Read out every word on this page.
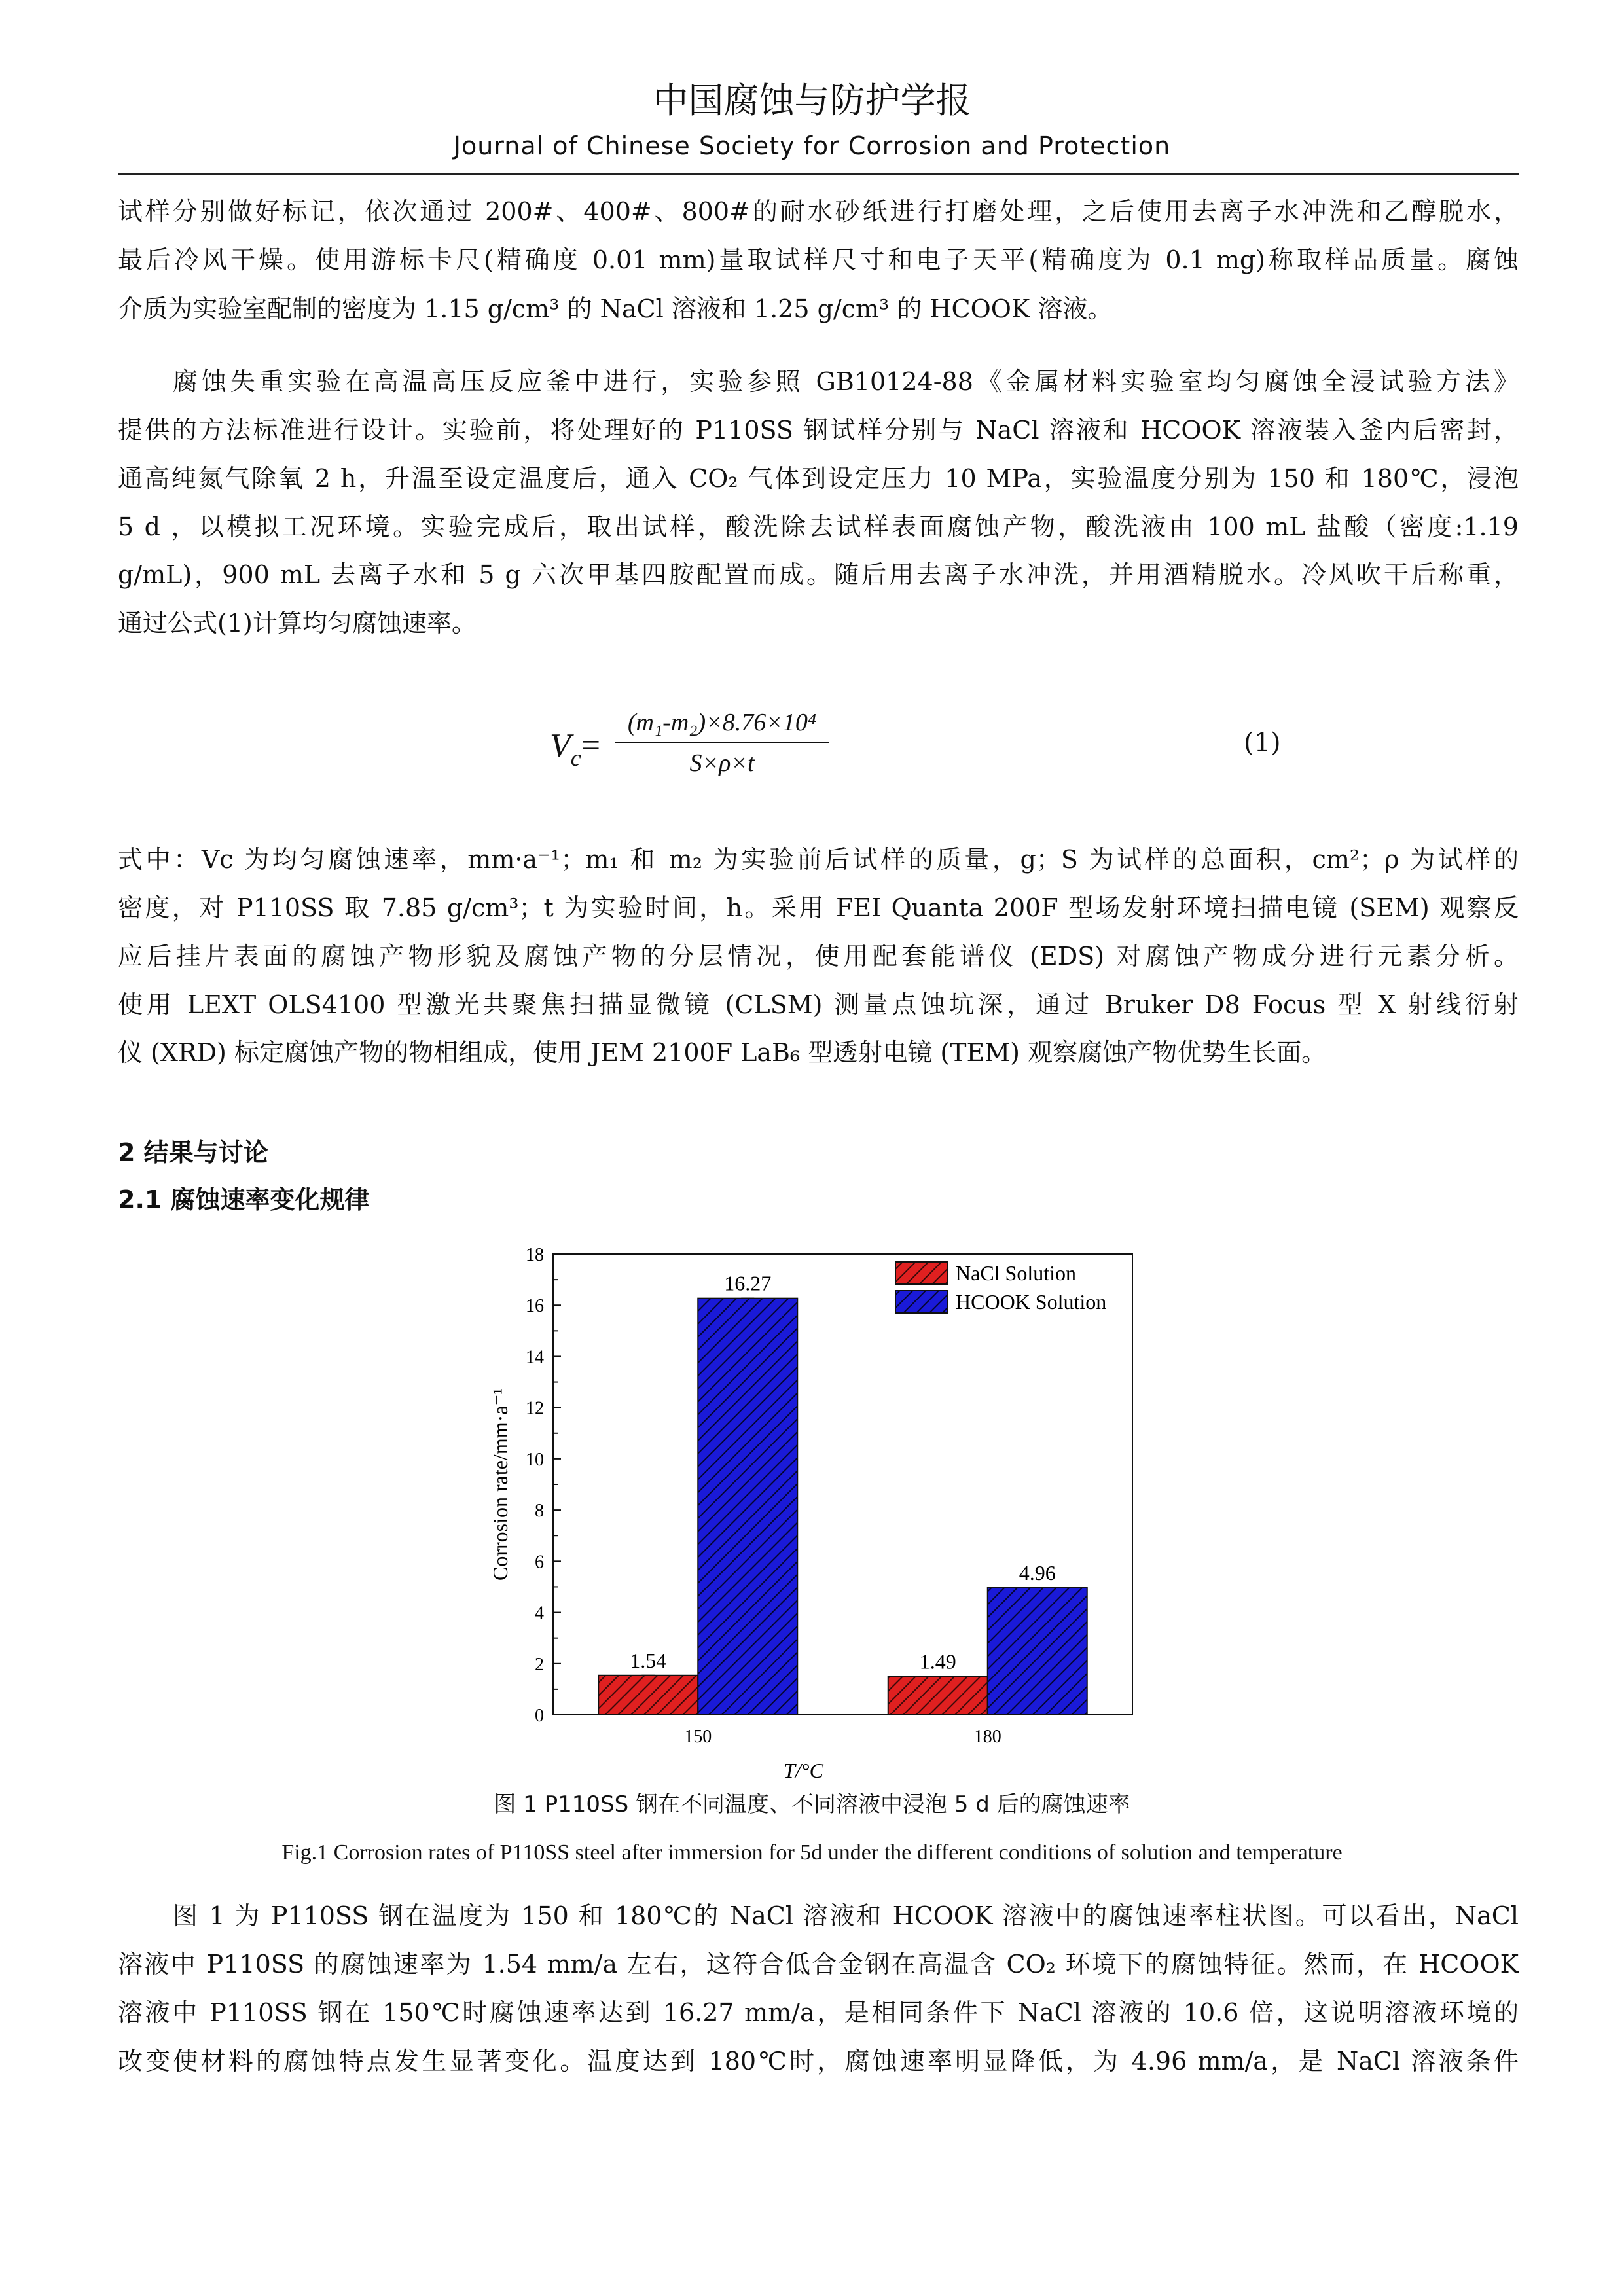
中国腐蚀与防护学报
Journal of Chinese Society for Corrosion and Protection
试样分别做好标记，依次通过 200#、400#、800#的耐水砂纸进行打磨处理，之后使用去离子水冲洗和乙醇脱水，
最后冷风干燥。使用游标卡尺(精确度 0.01 mm)量取试样尺寸和电子天平(精确度为 0.1 mg)称取样品质量。腐蚀
介质为实验室配制的密度为 1.15 g/cm³ 的 NaCl 溶液和 1.25 g/cm³ 的 HCOOK 溶液。
腐蚀失重实验在高温高压反应釜中进行，实验参照 GB10124-88《金属材料实验室均匀腐蚀全浸试验方法》
提供的方法标准进行设计。实验前，将处理好的 P110SS 钢试样分别与 NaCl 溶液和 HCOOK 溶液装入釜内后密封，
通高纯氮气除氧 2 h，升温至设定温度后，通入 CO₂ 气体到设定压力 10 MPa，实验温度分别为 150 和 180℃，浸泡
5 d ，以模拟工况环境。实验完成后，取出试样，酸洗除去试样表面腐蚀产物，酸洗液由 100 mL 盐酸（密度:1.19
g/mL)，900 mL 去离子水和 5 g 六次甲基四胺配置而成。随后用去离子水冲洗，并用酒精脱水。冷风吹干后称重，
通过公式(1)计算均匀腐蚀速率。
$V_c=$
(m₁-m₂)×8.76×10⁴
S×ρ×t
(1)
式中：Vc 为均匀腐蚀速率，mm·a⁻¹；m₁ 和 m₂ 为实验前后试样的质量，g；S 为试样的总面积，cm²；ρ 为试样的
密度，对 P110SS 取 7.85 g/cm³；t 为实验时间，h。采用 FEI Quanta 200F 型场发射环境扫描电镜 (SEM) 观察反
应后挂片表面的腐蚀产物形貌及腐蚀产物的分层情况，使用配套能谱仪 (EDS) 对腐蚀产物成分进行元素分析。
使用 LEXT OLS4100 型激光共聚焦扫描显微镜 (CLSM) 测量点蚀坑深，通过 Bruker D8 Focus 型 X 射线衍射
仪 (XRD) 标定腐蚀产物的物相组成，使用 JEM 2100F LaB₆ 型透射电镜 (TEM) 观察腐蚀产物优势生长面。
2 结果与讨论
2.1 腐蚀速率变化规律
0
2
4
6
8
10
12
14
16
18
Corrosion rate/mm·a⁻¹
1.54	1.49
16.27
4.96
150	180
T/°C
NaCl Solution
HCOOK Solution
图 1 P110SS 钢在不同温度、不同溶液中浸泡 5 d 后的腐蚀速率
Fig.1 Corrosion rates of P110SS steel after immersion for 5d under the different conditions of solution and temperature
图 1 为 P110SS 钢在温度为 150 和 180℃的 NaCl 溶液和 HCOOK 溶液中的腐蚀速率柱状图。可以看出，NaCl
溶液中 P110SS 的腐蚀速率为 1.54 mm/a 左右，这符合低合金钢在高温含 CO₂ 环境下的腐蚀特征。然而，在 HCOOK
溶液中 P110SS 钢在 150℃时腐蚀速率达到 16.27 mm/a，是相同条件下 NaCl 溶液的 10.6 倍，这说明溶液环境的
改变使材料的腐蚀特点发生显著变化。温度达到 180℃时，腐蚀速率明显降低，为 4.96 mm/a，是 NaCl 溶液条件
